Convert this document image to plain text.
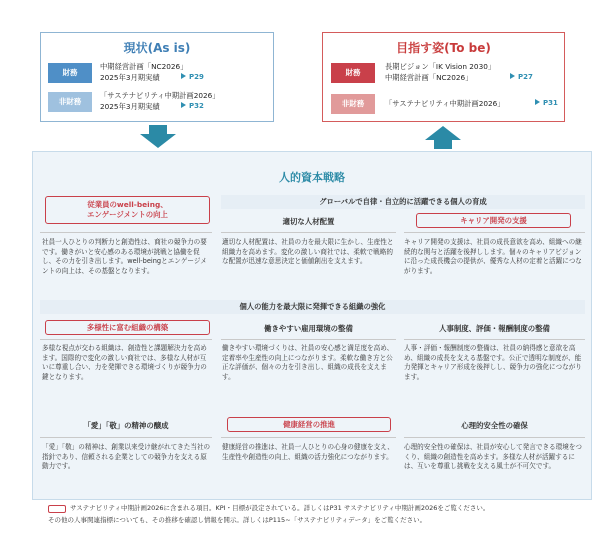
現状(As is)
財務
中期経営計画「NC2026」
2025年3月期実績	P29
非財務
「サステナビリティ中期計画2026」
2025年3月期実績	P32
目指す姿(To be)
財務
長期ビジョン「IK Vision 2030」
中期経営計画「NC2026」	P27
非財務	「サステナビリティ中期計画2026」	P31
人的資本戦略
従業員のwell-being、
エンゲージメントの向上
社員一人ひとりの判断力と創造性は、商社の競争力の要です。働きがいと安心感のある環境が挑戦と協働を促し、その力を引き出します。well-beingとエンゲージメントの向上は、その基盤となります。
グローバルで自律・自立的に活躍できる個人の育成
適切な人材配置	キャリア開発の支援
適切な人材配置は、社員の力を最大限に生かし、生産性と組織力を高めます。変化の激しい商社では、柔軟で戦略的な配置が迅速な意思決定と価値創出を支えます。
キャリア開発の支援は、社員の成長意欲を高め、組織への継続的な関与と活躍を後押しします。個々のキャリアビジョンに沿った成長機会の提供が、優秀な人材の定着と活躍につながります。
個人の能力を最大限に発揮できる組織の強化
多様性に富む組織の構築	働きやすい雇用環境の整備	人事制度、評価・報酬制度の整備
多様な視点が交わる組織は、創造性と課題解決力を高めます。国際的で変化の激しい商社では、多様な人材が互いに尊重し合い、力を発揮できる環境づくりが競争力の鍵となります。
働きやすい環境づくりは、社員の安心感と満足度を高め、定着率や生産性の向上につながります。柔軟な働き方と公正な評価が、個々の力を引き出し、組織の成長を支えます。
人事・評価・報酬制度の整備は、社員の納得感と意欲を高め、組織の成長を支える基盤です。公正で透明な制度が、能力発揮とキャリア形成を後押しし、競争力の強化につながります。
「愛」「敬」の精神の醸成	健康経営の推進	心理的安全性の確保
「愛」「敬」の精神は、創業以来受け継がれてきた当社の指針であり、信頼される企業としての競争力を支える原動力です。
健康経営の推進は、社員一人ひとりの心身の健康を支え、生産性や創造性の向上、組織の活力強化につながります。
心理的安全性の確保は、社員が安心して発言できる環境をつくり、組織の創造性を高めます。多様な人材が活躍するには、互いを尊重し挑戦を支える風土が不可欠です。
サステナビリティ中期計画2026に含まれる項目。KPI・目標が設定されている。詳しくはP31 サステナビリティ中期計画2026をご覧ください。
その他の人事関連指標についても、その推移を確認し情報を開示。詳しくはP115~「サステナビリティデータ」をご覧ください。
